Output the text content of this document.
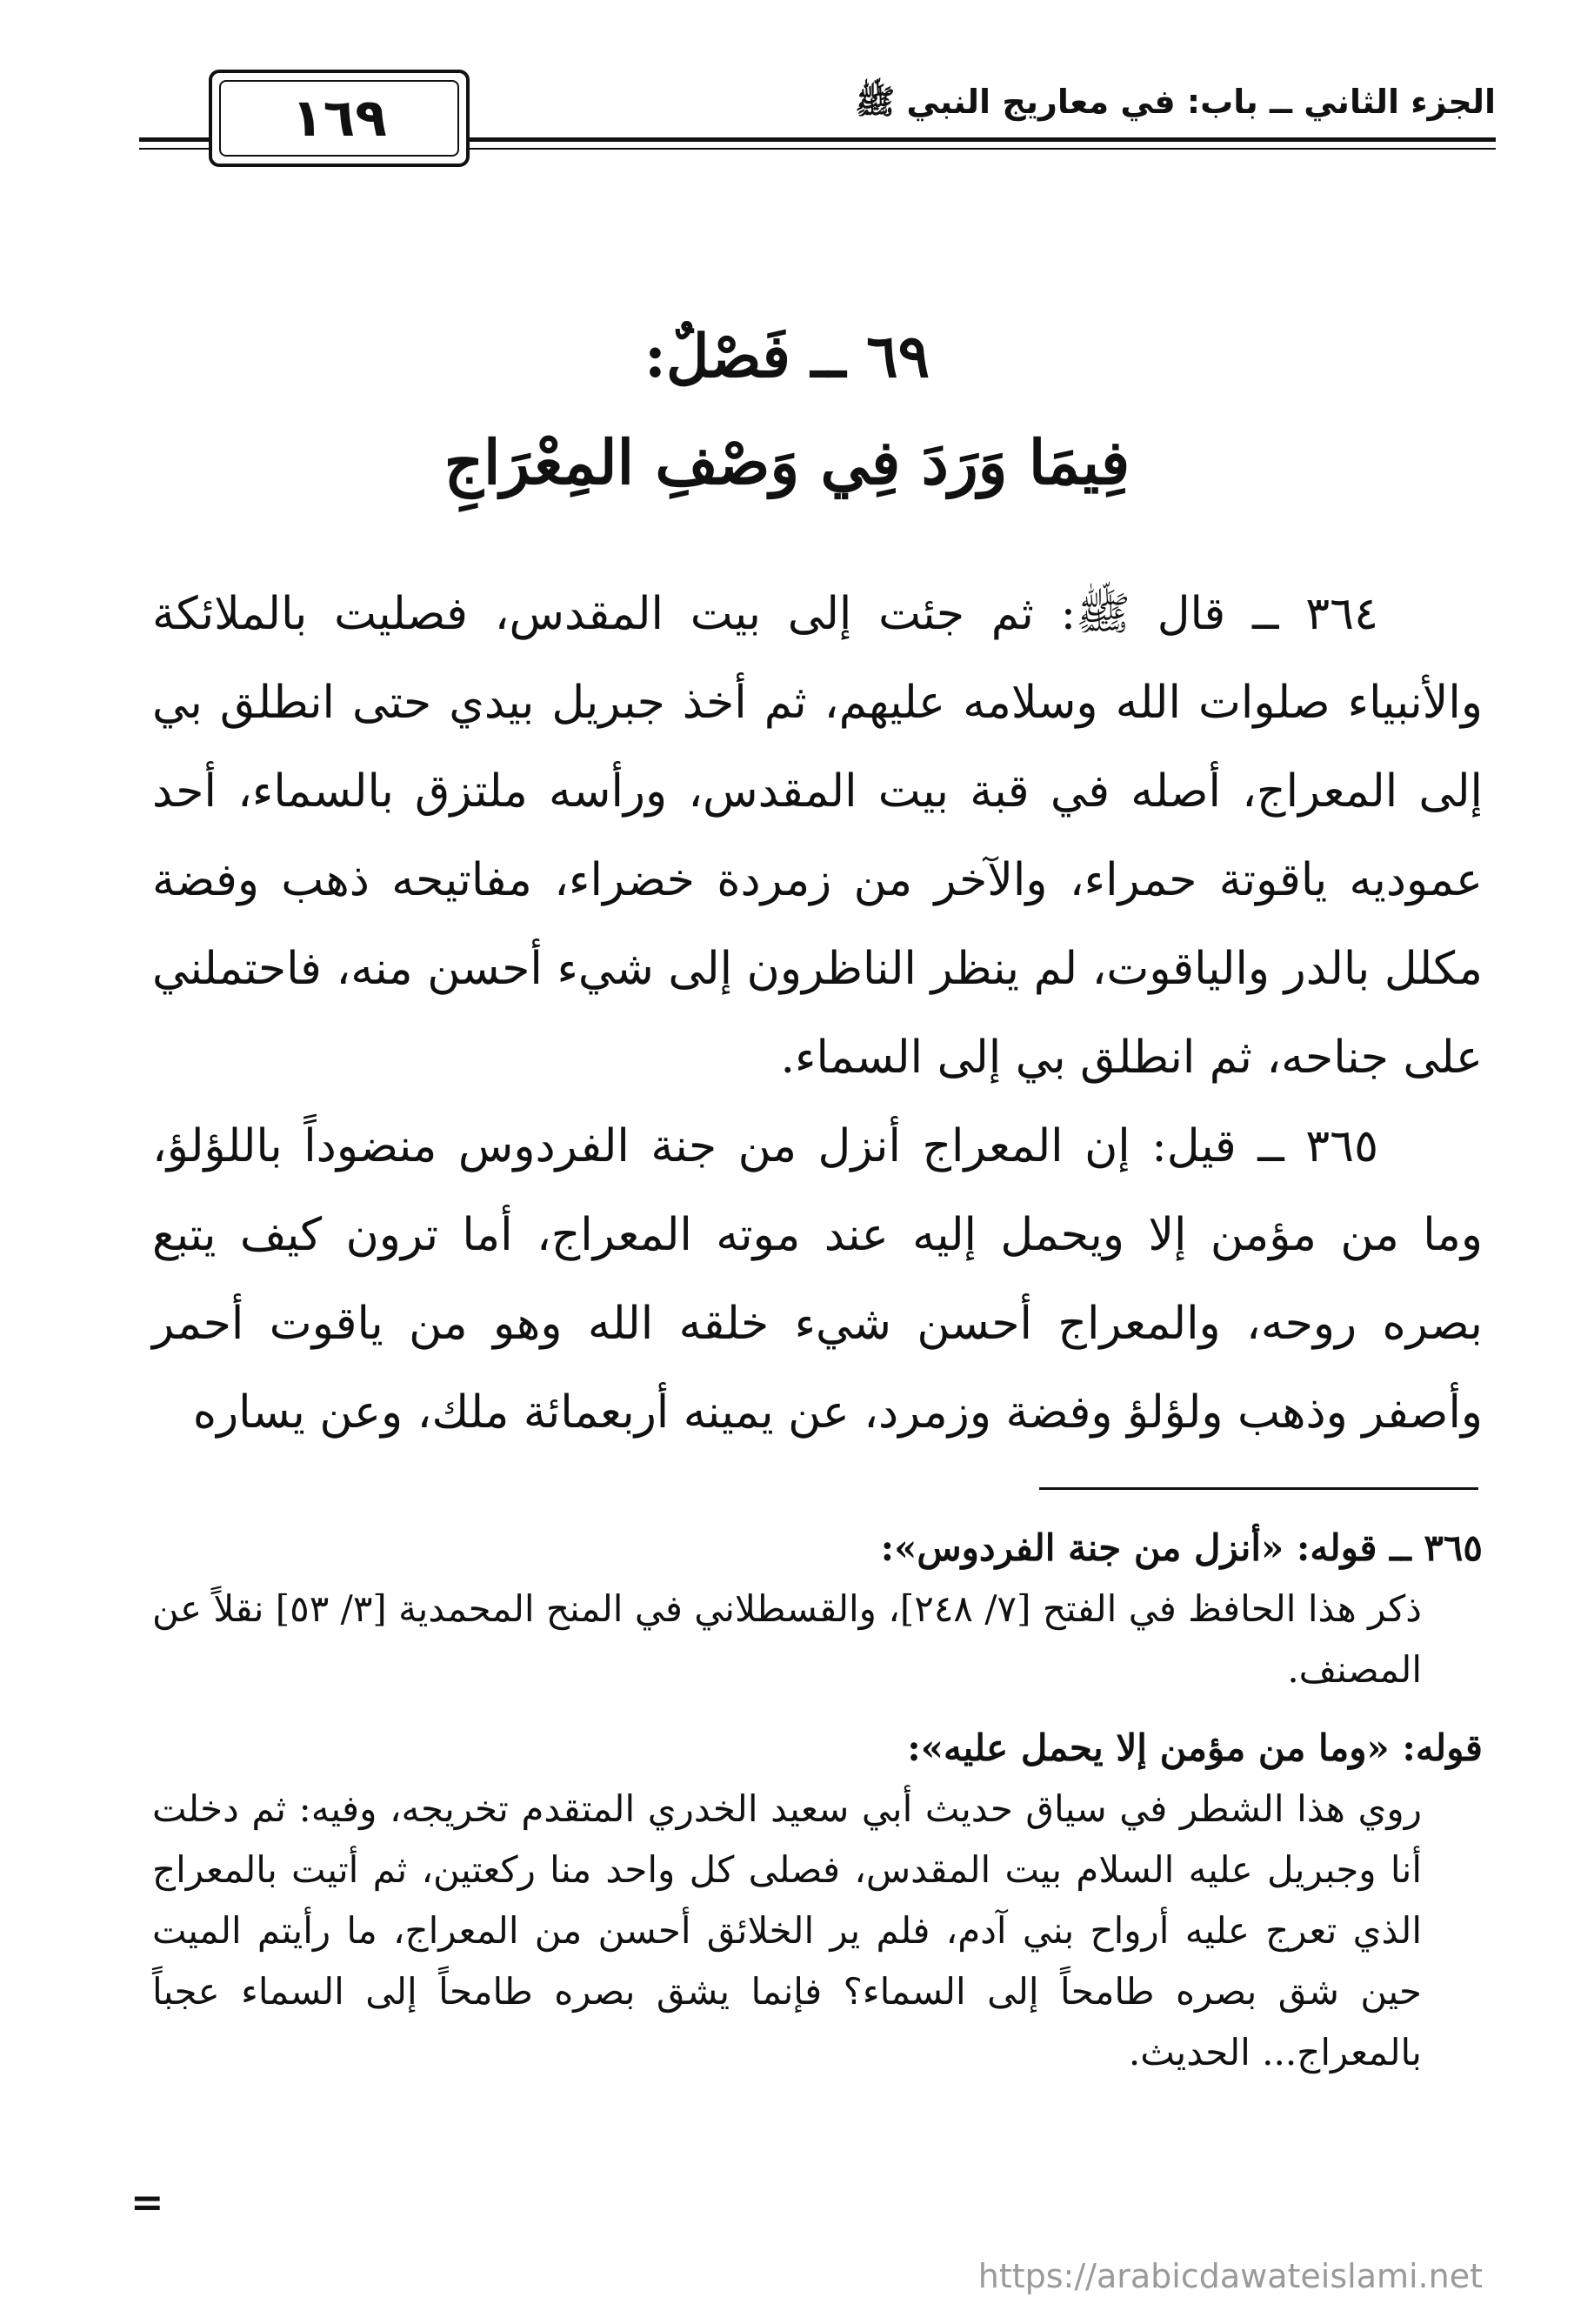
الجزء الثاني ــ باب: في معاريج النبي ﷺ
١٦٩
٦٩ ــ فَصْلٌ:
فِيمَا وَرَدَ فِي وَصْفِ المِعْرَاجِ

٣٦٤ ــ قال ﷺ: ثم جئت إلى بيت المقدس، فصليت بالملائكة والأنبياء صلوات الله وسلامه عليهم، ثم أخذ جبريل بيدي حتى انطلق بي إلى المعراج، أصله في قبة بيت المقدس، ورأسه ملتزق بالسماء، أحد عموديه ياقوتة حمراء، والآخر من زمردة خضراء، مفاتيحه ذهب وفضة مكلل بالدر والياقوت، لم ينظر الناظرون إلى شيء أحسن منه، فاحتملني على جناحه، ثم انطلق بي إلى السماء.

٣٦٥ ــ قيل: إن المعراج أنزل من جنة الفردوس منضوداً باللؤلؤ، وما من مؤمن إلا ويحمل إليه عند موته المعراج، أما ترون كيف يتبع بصره روحه، والمعراج أحسن شيء خلقه الله وهو من ياقوت أحمر وأصفر وذهب ولؤلؤ وفضة وزمرد، عن يمينه أربعمائة ملك، وعن يساره

٣٦٥ ــ قوله: «أنزل من جنة الفردوس»:

ذكر هذا الحافظ في الفتح [٧/ ٢٤٨]، والقسطلاني في المنح المحمدية [٣/ ٥٣] نقلاً عن المصنف.

قوله: «وما من مؤمن إلا يحمل عليه»:

روي هذا الشطر في سياق حديث أبي سعيد الخدري المتقدم تخريجه، وفيه: ثم دخلت أنا وجبريل عليه السلام بيت المقدس، فصلى كل واحد منا ركعتين، ثم أتيت بالمعراج الذي تعرج عليه أرواح بني آدم، فلم ير الخلائق أحسن من المعراج، ما رأيتم الميت حين شق بصره طامحاً إلى السماء؟ فإنما يشق بصره طامحاً إلى السماء عجباً بالمعراج... الحديث.

=
https://arabicdawateislami.net
